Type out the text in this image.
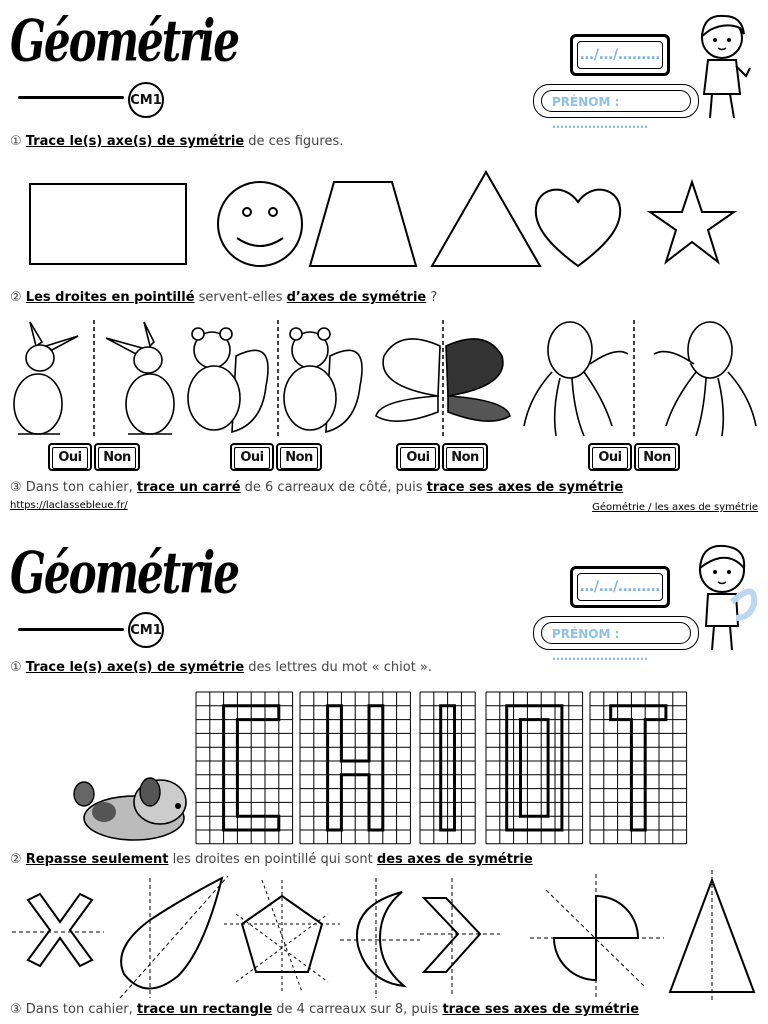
Géométrie
CM1
…/…/………
PRÉNOM : ……………………
① Trace le(s) axe(s) de symétrie de ces figures.
② Les droites en pointillé servent-elles d’axes de symétrie ?
Oui	Non	Oui	Non	Oui	Non	Oui	Non
③ Dans ton cahier, trace un carré de 6 carreaux de côté, puis trace ses axes de symétrie
https://laclassebleue.fr/	Géométrie / les axes de symétrie
Géométrie
CM1
…/…/………
PRÉNOM : ……………………
① Trace le(s) axe(s) de symétrie des lettres du mot « chiot ».
② Repasse seulement les droites en pointillé qui sont des axes de symétrie
③ Dans ton cahier, trace un rectangle de 4 carreaux sur 8, puis trace ses axes de symétrie
